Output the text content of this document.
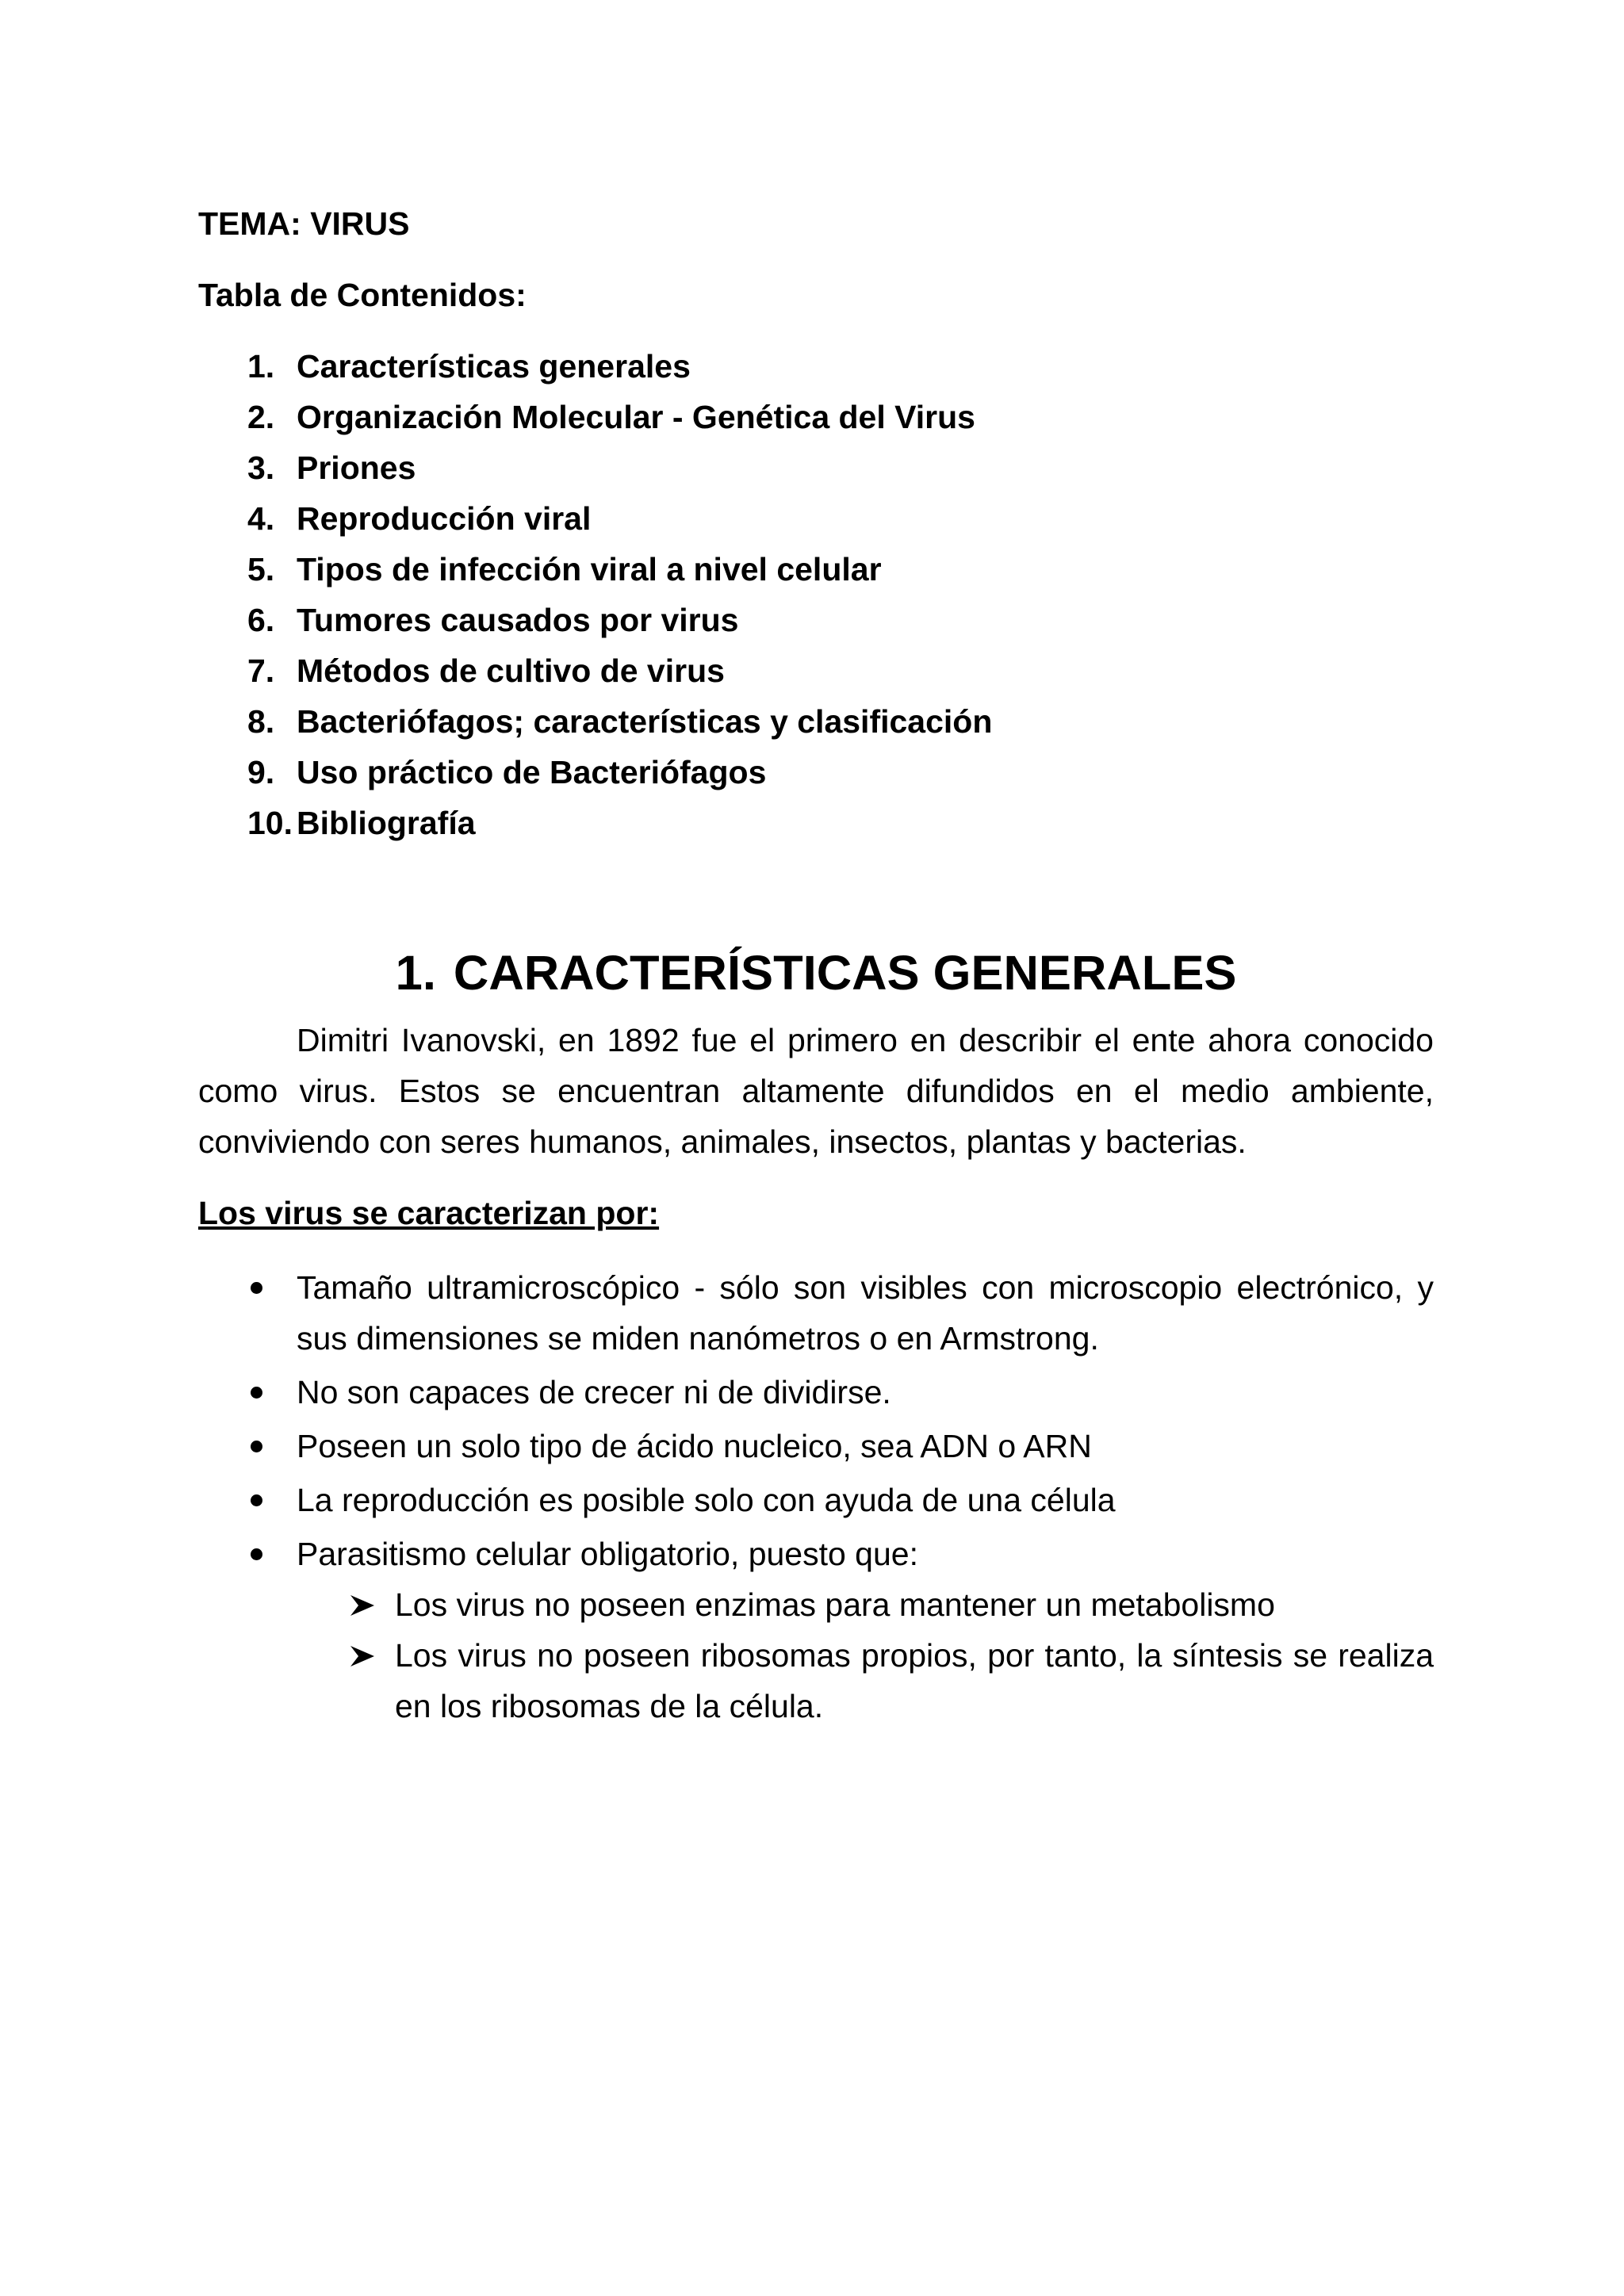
TEMA: VIRUS

Tabla de Contenidos:

1. Características generales
2. Organización Molecular - Genética del Virus
3. Priones
4. Reproducción viral
5. Tipos de infección viral a nivel celular
6. Tumores causados por virus
7. Métodos de cultivo de virus
8. Bacteriófagos; características y clasificación
9. Uso práctico de Bacteriófagos
10. Bibliografía
1. CARACTERÍSTICAS GENERALES

Dimitri Ivanovski, en 1892 fue el primero en describir el ente ahora conocido como virus. Estos se encuentran altamente difundidos en el medio ambiente, conviviendo con seres humanos, animales, insectos, plantas y bacterias.

Los virus se caracterizan por:

Tamaño ultramicroscópico - sólo son visibles con microscopio electrónico, y sus dimensiones se miden nanómetros o en Armstrong.
No son capaces de crecer ni de dividirse.
Poseen un solo tipo de ácido nucleico, sea ADN o ARN
La reproducción es posible solo con ayuda de una célula
Parasitismo celular obligatorio, puesto que:
Los virus no poseen enzimas para mantener un metabolismo
Los virus no poseen ribosomas propios, por tanto, la síntesis se realiza en los ribosomas de la célula.
